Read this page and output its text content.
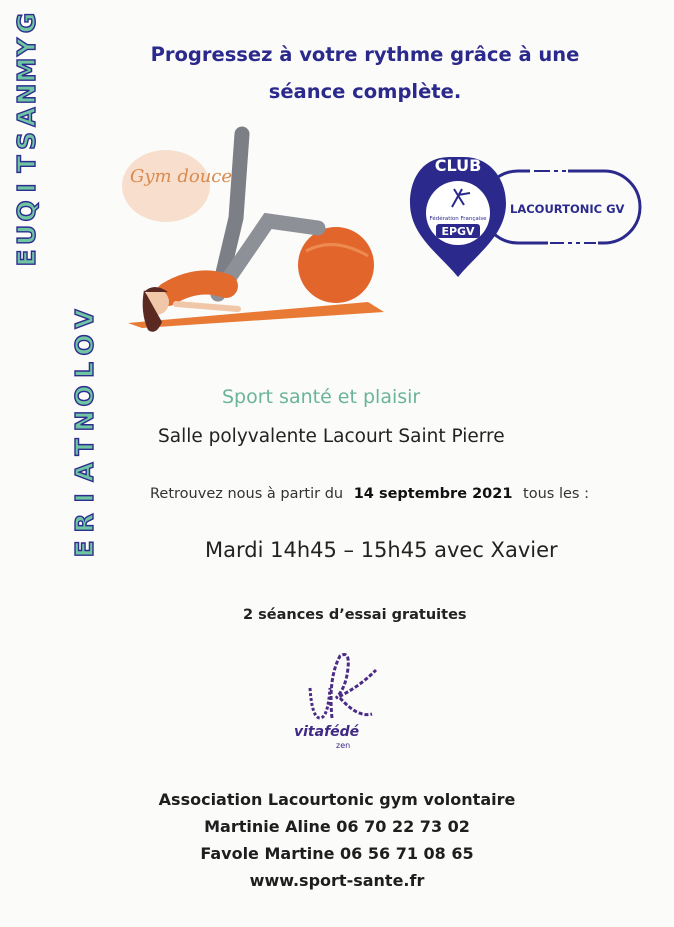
G
Y
M
N
A
S
T
I
Q
U
E
V
O
L
O
N
T
A
I
R
E
Progressez à votre rythme grâce à une
séance complète.
Gym douce
LACOURTONIC GV
CLUB
Fédération Française
EPGV
Sport santé et plaisir
Salle polyvalente Lacourt Saint Pierre
Retrouvez nous à partir du 14 septembre 2021 tous les :
Mardi 14h45 – 15h45 avec Xavier
2 séances d’essai gratuites
vitafédé
zen
Association Lacourtonic gym volontaire
Martinie Aline 06 70 22 73 02
Favole Martine 06 56 71 08 65
www.sport-sante.fr
